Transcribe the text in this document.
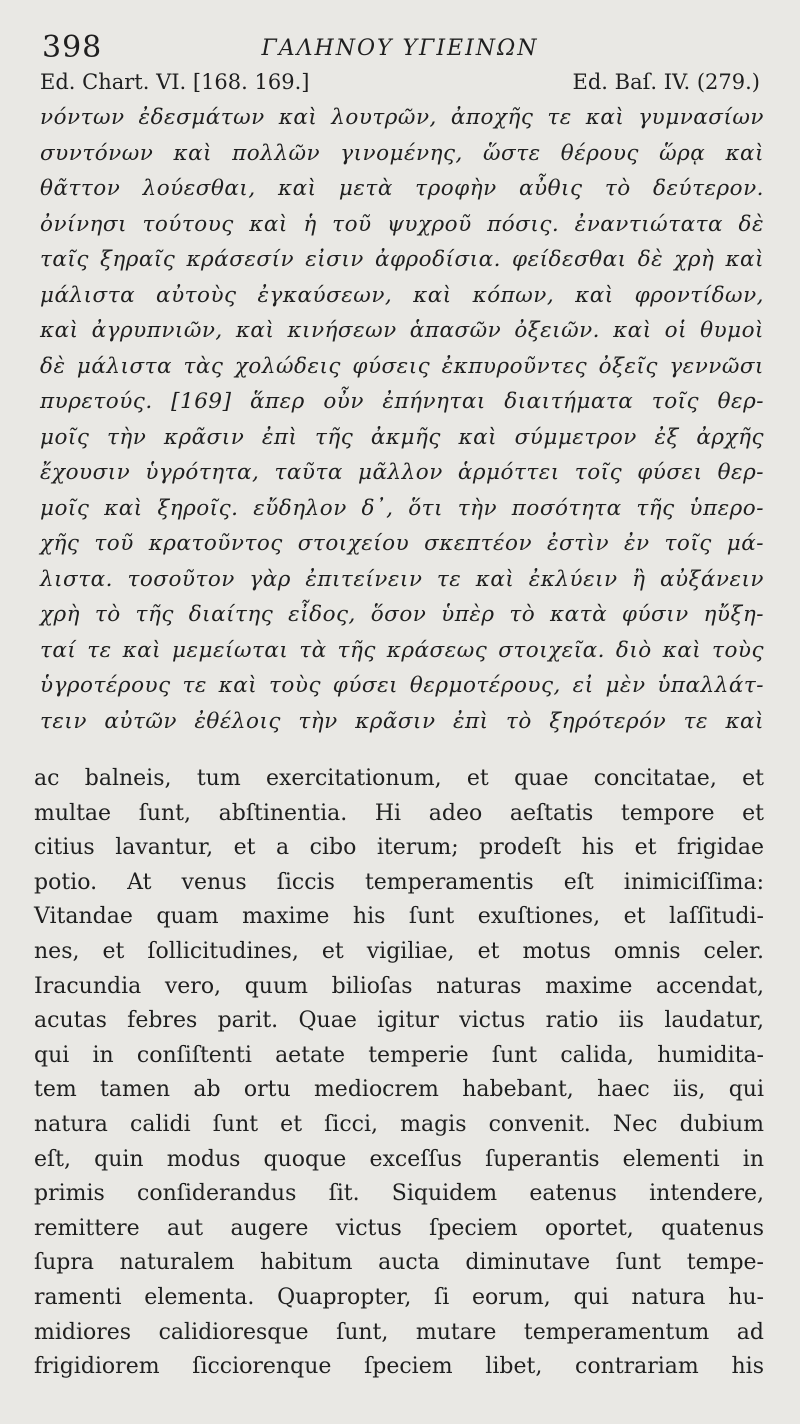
398	ΓΑΛΗΝΟΥ ΥΓΙΕΙΝΩΝ
Ed. Chart. VI. [168. 169.]	Ed. Baſ. IV. (279.)
νόντων ἐδεσμάτων καὶ λουτρῶν, ἀποχῆς τε καὶ γυμνασίων
συντόνων καὶ πολλῶν γινομένης, ὥστε θέρους ὥρᾳ καὶ
θᾶττον λούεσθαι, καὶ μετὰ τροφὴν αὖθις τὸ δεύτερον.
ὀνίνησι τούτους καὶ ἡ τοῦ ψυχροῦ πόσις. ἐναντιώτατα δὲ
ταῖς ξηραῖς κράσεσίν εἰσιν ἀφροδίσια. φείδεσθαι δὲ χρὴ καὶ
μάλιστα αὐτοὺς ἐγκαύσεων, καὶ κόπων, καὶ φροντίδων,
καὶ ἀγρυπνιῶν, καὶ κινήσεων ἁπασῶν ὀξειῶν. καὶ οἱ θυμοὶ
δὲ μάλιστα τὰς χολώδεις φύσεις ἐκπυροῦντες ὀξεῖς γεννῶσι
πυρετούς. [169] ἅπερ οὖν ἐπήνηται διαιτήματα τοῖς θερ-
μοῖς τὴν κρᾶσιν ἐπὶ τῆς ἀκμῆς καὶ σύμμετρον ἐξ ἀρχῆς
ἔχουσιν ὑγρότητα, ταῦτα μᾶλλον ἁρμόττει τοῖς φύσει θερ-
μοῖς καὶ ξηροῖς. εὔδηλον δ᾽, ὅτι τὴν ποσότητα τῆς ὑπερο-
χῆς τοῦ κρατοῦντος στοιχείου σκεπτέον ἐστὶν ἐν τοῖς μά-
λιστα. τοσοῦτον γὰρ ἐπιτείνειν τε καὶ ἐκλύειν ἢ αὐξάνειν
χρὴ τὸ τῆς διαίτης εἶδος, ὅσον ὑπὲρ τὸ κατὰ φύσιν ηὔξη-
ταί τε καὶ μεμείωται τὰ τῆς κράσεως στοιχεῖα. διὸ καὶ τοὺς
ὑγροτέρους τε καὶ τοὺς φύσει θερμοτέρους, εἰ μὲν ὑπαλλάτ-
τειν αὐτῶν ἐθέλοις τὴν κρᾶσιν ἐπὶ τὸ ξηρότερόν τε καὶ
ac balneis, tum exercitationum, et quae concitatae, et
multae ſunt, abſtinentia. Hi adeo aeſtatis tempore et
citius lavantur, et a cibo iterum; prodeſt his et frigidae
potio. At venus ſiccis temperamentis eſt inimiciſſima:
Vitandae quam maxime his ſunt exuſtiones, et laſſitudi-
nes, et ſollicitudines, et vigiliae, et motus omnis celer.
Iracundia vero, quum bilioſas naturas maxime accendat,
acutas febres parit. Quae igitur victus ratio iis laudatur,
qui in conſiſtenti aetate temperie ſunt calida, humidita-
tem tamen ab ortu mediocrem habebant, haec iis, qui
natura calidi ſunt et ſicci, magis convenit. Nec dubium
eſt, quin modus quoque exceſſus ſuperantis elementi in
primis conſiderandus ſit. Siquidem eatenus intendere,
remittere aut augere victus ſpeciem oportet, quatenus
ſupra naturalem habitum aucta diminutave ſunt tempe-
ramenti elementa. Quapropter, ſi eorum, qui natura hu-
midiores calidioresque ſunt, mutare temperamentum ad
frigidiorem ſicciorenque ſpeciem libet, contrariam his
